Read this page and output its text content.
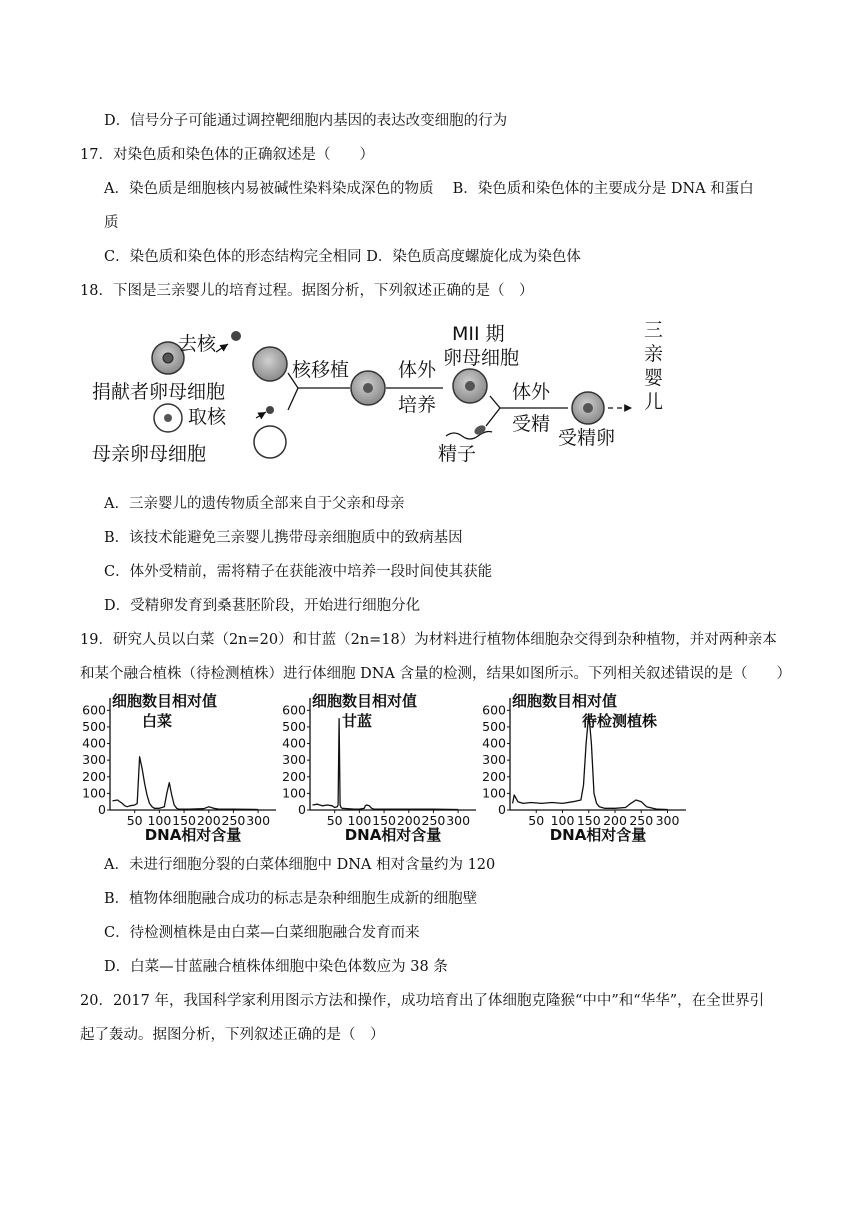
D．信号分子可能通过调控靶细胞内基因的表达改变细胞的行为
17．对染色质和染色体的正确叙述是（　　）
A．染色质是细胞核内易被碱性染料染成深色的物质　 B．染色质和染色体的主要成分是 DNA 和蛋白
质
C．染色质和染色体的形态结构完全相同 D．染色质高度螺旋化成为染色体
18．下图是三亲婴儿的培育过程。据图分析，下列叙述正确的是（　）
去核
捐献者卵母细胞
取核
母亲卵母细胞
核移植	体外
培养
MII 期
卵母细胞
精子
体外
受精
受精卵
三
亲
婴
儿
A．三亲婴儿的遗传物质全部来自于父亲和母亲
B．该技术能避免三亲婴儿携带母亲细胞质中的致病基因
C．体外受精前，需将精子在获能液中培养一段时间使其获能
D．受精卵发育到桑葚胚阶段，开始进行细胞分化
19．研究人员以白菜（2n=20）和甘蓝（2n=18）为材料进行植物体细胞杂交得到杂种植物，并对两种亲本
和某个融合植株（待检测植株）进行体细胞 DNA 含量的检测，结果如图所示。下列相关叙述错误的是（　　）
0
100
200
300
400
500
600
50 100 150 200 250 300
细胞数目相对值
白菜
DNA相对含量
0
100
200
300
400
500
600
50 100 150 200 250 300
细胞数目相对值
甘蓝
DNA相对含量
0
100
200
300
400
500
600
50 100 150 200 250 300
细胞数目相对值
待检测植株
DNA相对含量
A．未进行细胞分裂的白菜体细胞中 DNA 相对含量约为 120
B．植物体细胞融合成功的标志是杂种细胞生成新的细胞壁
C．待检测植株是由白菜—白菜细胞融合发育而来
D．白菜—甘蓝融合植株体细胞中染色体数应为 38 条
20．2017 年，我国科学家利用图示方法和操作，成功培育出了体细胞克隆猴“中中”和“华华”，在全世界引
起了轰动。据图分析，下列叙述正确的是（　）
